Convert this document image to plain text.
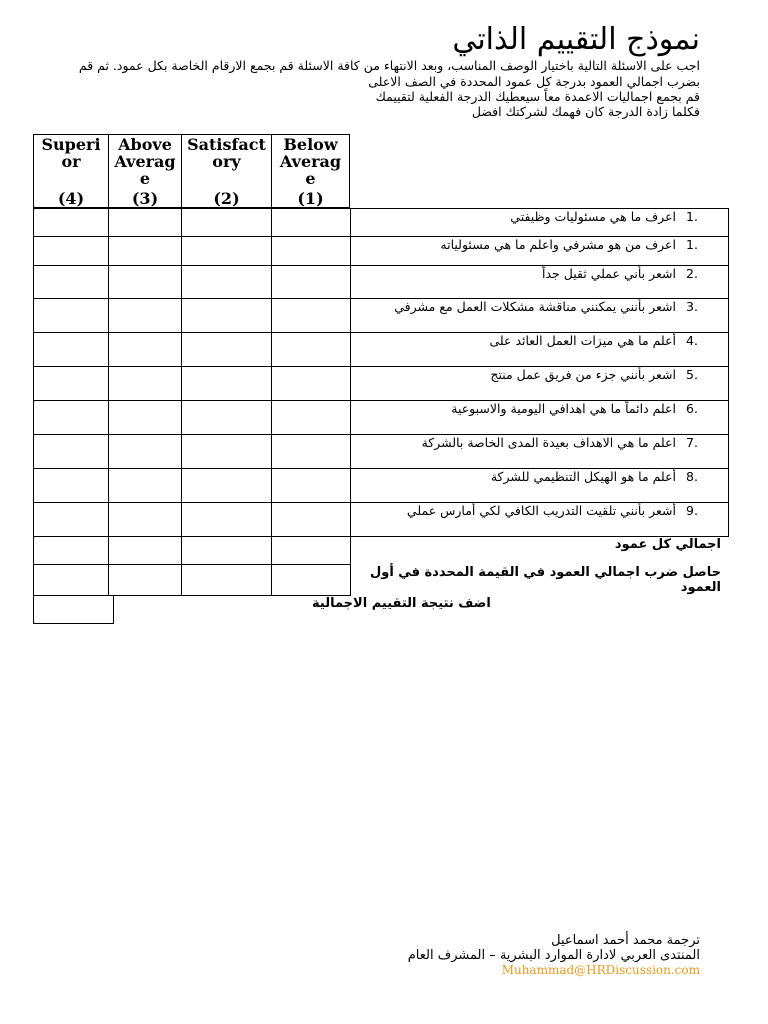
نموذج التقييم الذاتي
اجب على الاسئلة التالية باختيار الوصف المناسب، وبعد الانتهاء من كافة الاسئلة قم بجمع الارقام الخاصة بكل عمود. ثم قم
بضرب اجمالي العمود بدرجة كل عمود المحددة في الصف الاعلى
قم بجمع اجماليات الاعمدة معاً سيعطيك الدرجة الفعلية لتقييمك
فكلما زادة الدرجة كان فهمك لشركتك افضل
Superi
or
(4)
Above
Averag
e
(3)
Satisfact
ory
(2)
Below
Averag
e
(1)
1.
اعرف ما هي مسئوليات وظيفتي
1.
اعرف من هو مشرفي واعلم ما هي مسئولياته
2.
اشعر بأني عملي ثقيل جداً
3.
اشعر بأنني يمكنني مناقشة مشكلات العمل مع مشرفي
4.
أعلم ما هي ميزات العمل العائد على
5.
اشعر بأنني جزء من فريق عمل منتج
6.
اعلم دائماً ما هي اهدافي اليومية والاسبوعية
7.
اعلم ما هي الاهداف بعيدة المدى الخاصة بالشركة
8.
أعلم ما هو الهيكل التنظيمي للشركة
9.
أشعر بأنني تلقيت التدريب الكافي لكي أمارس عملي
اجمالي كل عمود
حاصل ضرب اجمالي العمود في القيمة المحددة في أول
العمود
اضف نتيجة التقييم الاجمالية
ترجمة محمد أحمد اسماعيل
المنتدى العربي لادارة الموارد البشرية – المشرف العام
Muhammad@HRDiscussion.com
